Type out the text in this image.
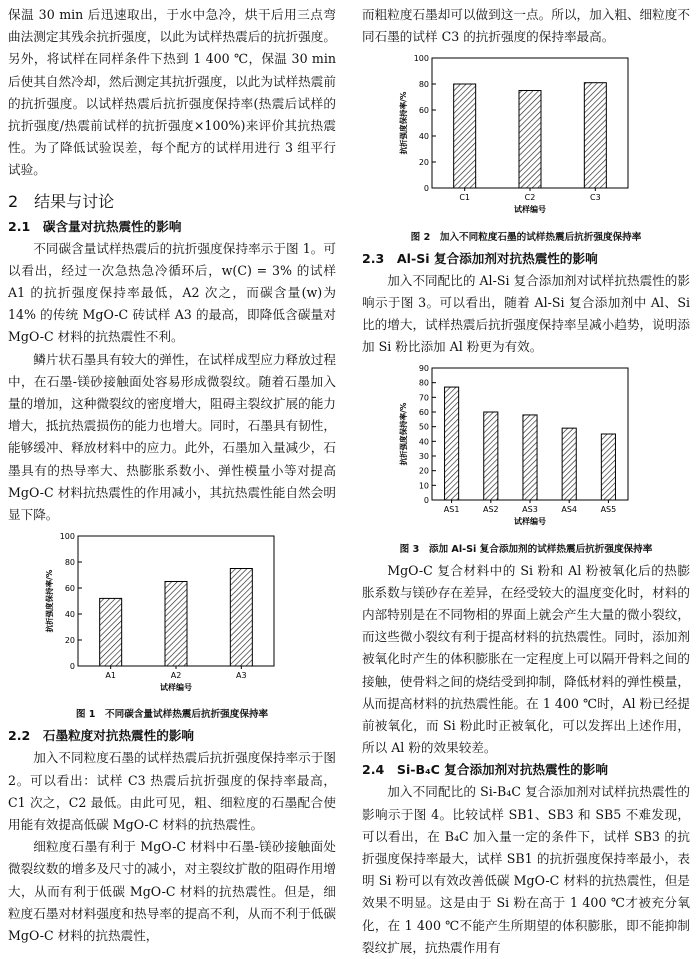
保温 30 min 后迅速取出，于水中急冷，烘干后用三点弯曲法测定其残余抗折强度，以此为试样热震后的抗折强度。另外，将试样在同样条件下热到 1 400 ℃，保温 30 min 后使其自然冷却，然后测定其抗折强度，以此为试样热震前的抗折强度。以试样热震后抗折强度保持率(热震后试样的抗折强度/热震前试样的抗折强度×100%)来评价其抗热震性。为了降低试验误差，每个配方的试样用进行 3 组平行试验。

2　结果与讨论
2.1　碳含量对抗热震性的影响

不同碳含量试样热震后的抗折强度保持率示于图 1。可以看出，经过一次急热急冷循环后，w(C) = 3% 的试样 A1 的抗折强度保持率最低，A2 次之，而碳含量(w)为 14% 的传统 MgO-C 砖试样 A3 的最高，即降低含碳量对 MgO-C 材料的抗热震性不利。

鳞片状石墨具有较大的弹性，在试样成型应力释放过程中，在石墨-镁砂接触面处容易形成微裂纹。随着石墨加入量的增加，这种微裂纹的密度增大，阻碍主裂纹扩展的能力增大，抵抗热震损伤的能力也增大。同时，石墨具有韧性，能够缓冲、释放材料中的应力。此外，石墨加入量减少，石墨具有的热导率大、热膨胀系数小、弹性模量小等对提高 MgO-C 材料抗热震性的作用减小，其抗热震性能自然会明显下降。

0
20
40
60
80
100
抗折强度保持率/%
A1	A2	A3
试样编号
图 1　不同碳含量试样热震后抗折强度保持率
2.2　石墨粒度对抗热震性的影响

加入不同粒度石墨的试样热震后抗折强度保持率示于图 2。可以看出：试样 C3 热震后抗折强度的保持率最高，C1 次之，C2 最低。由此可见，粗、细粒度的石墨配合使用能有效提高低碳 MgO-C 材料的抗热震性。

细粒度石墨有利于 MgO-C 材料中石墨-镁砂接触面处微裂纹数的增多及尺寸的减小，对主裂纹扩散的阻碍作用增大，从而有利于低碳 MgO-C 材料的抗热震性。但是，细粒度石墨对材料强度和热导率的提高不利，从而不利于低碳 MgO-C 材料的抗热震性，

而粗粒度石墨却可以做到这一点。所以，加入粗、细粒度不同石墨的试样 C3 的抗折强度的保持率最高。

0
20
40
60
80
100
抗折强度保持率/%
C1	C2	C3
试样编号
图 2　加入不同粒度石墨的试样热震后抗折强度保持率
2.3　Al-Si 复合添加剂对抗热震性的影响

加入不同配比的 Al-Si 复合添加剂对试样抗热震性的影响示于图 3。可以看出，随着 Al-Si 复合添加剂中 Al、Si 比的增大，试样热震后抗折强度保持率呈减小趋势，说明添加 Si 粉比添加 Al 粉更为有效。

0
10
20
30
40
50
60
70
80
90
抗折强度保持率/%
AS1	AS2	AS3	AS4	AS5
试样编号
图 3　添加 Al-Si 复合添加剂的试样热震后抗折强度保持率

MgO-C 复合材料中的 Si 粉和 Al 粉被氧化后的热膨胀系数与镁砂存在差异，在经受较大的温度变化时，材料的内部特别是在不同物相的界面上就会产生大量的微小裂纹，而这些微小裂纹有利于提高材料的抗热震性。同时，添加剂被氧化时产生的体积膨胀在一定程度上可以隔开骨料之间的接触，使骨料之间的烧结受到抑制，降低材料的弹性模量，从而提高材料的抗热震性能。在 1 400 ℃时，Al 粉已经提前被氧化，而 Si 粉此时正被氧化，可以发挥出上述作用，所以 Al 粉的效果较差。

2.4　Si-B₄C 复合添加剂对抗热震性的影响

加入不同配比的 Si-B₄C 复合添加剂对试样抗热震性的影响示于图 4。比较试样 SB1、SB3 和 SB5 不难发现，可以看出，在 B₄C 加入量一定的条件下，试样 SB3 的抗折强度保持率最大，试样 SB1 的抗折强度保持率最小，表明 Si 粉可以有效改善低碳 MgO-C 材料的抗热震性，但是效果不明显。这是由于 Si 粉在高于 1 400 ℃才被充分氧化，在 1 400 ℃不能产生所期望的体积膨胀，即不能抑制裂纹扩展，抗热震作用有
